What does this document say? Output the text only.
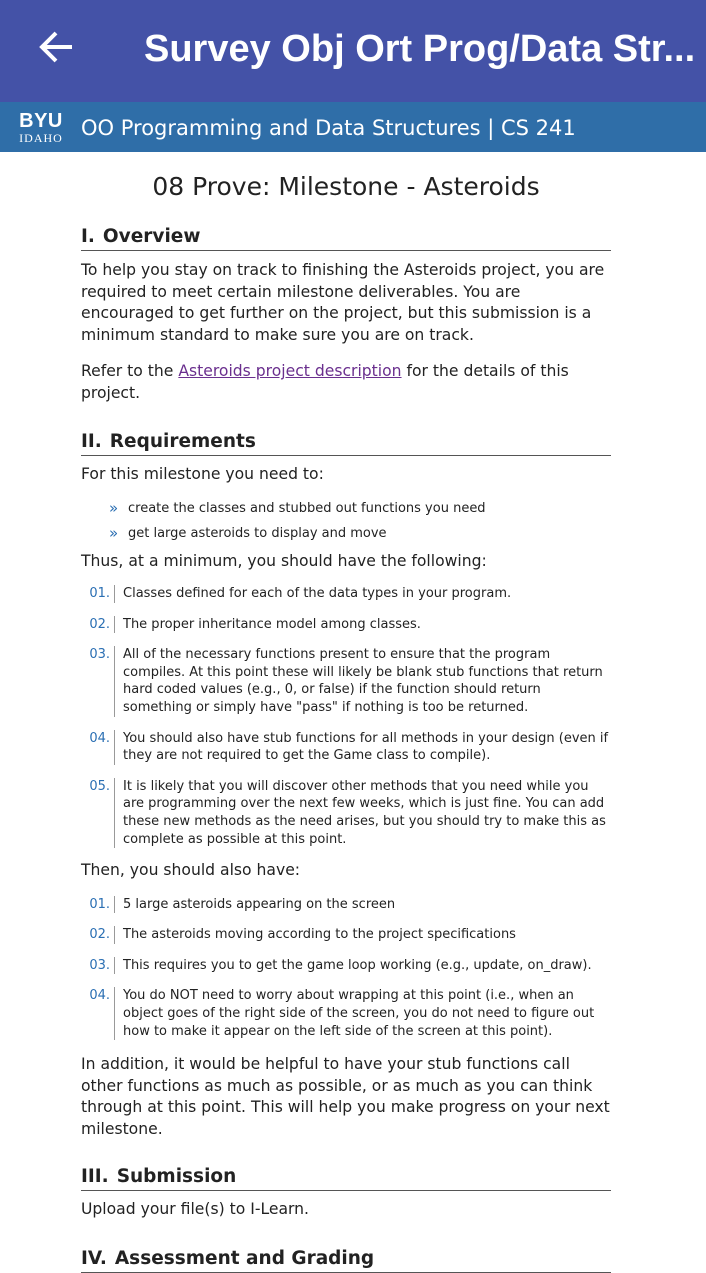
Survey Obj Ort Prog/Data Str...
BYU
IDAHO OO Programming and Data Structures | CS 241
08 Prove: Milestone - Asteroids
I. Overview

To help you stay on track to finishing the Asteroids project, you are required to meet certain milestone deliverables. You are encouraged to get further on the project, but this submission is a minimum standard to make sure you are on track.

Refer to the Asteroids project description for the details of this project.

II. Requirements

For this milestone you need to:

» create the classes and stubbed out functions you need
» get large asteroids to display and move

Thus, at a minimum, you should have the following:

01.	Classes defined for each of the data types in your program.
02.	The proper inheritance model among classes.
03.	All of the necessary functions present to ensure that the program compiles. At this point these will likely be blank stub functions that return hard coded values (e.g., 0, or false) if the function should return something or simply have "pass" if nothing is too be returned.
04.	You should also have stub functions for all methods in your design (even if they are not required to get the Game class to compile).
05.	It is likely that you will discover other methods that you need while you are programming over the next few weeks, which is just fine. You can add these new methods as the need arises, but you should try to make this as complete as possible at this point.

Then, you should also have:

01.	5 large asteroids appearing on the screen
02.	The asteroids moving according to the project specifications
03.	This requires you to get the game loop working (e.g., update, on_draw).
04.	You do NOT need to worry about wrapping at this point (i.e., when an object goes of the right side of the screen, you do not need to figure out how to make it appear on the left side of the screen at this point).

In addition, it would be helpful to have your stub functions call other functions as much as possible, or as much as you can think through at this point. This will help you make progress on your next milestone.

III. Submission

Upload your file(s) to I-Learn.

IV. Assessment and Grading
